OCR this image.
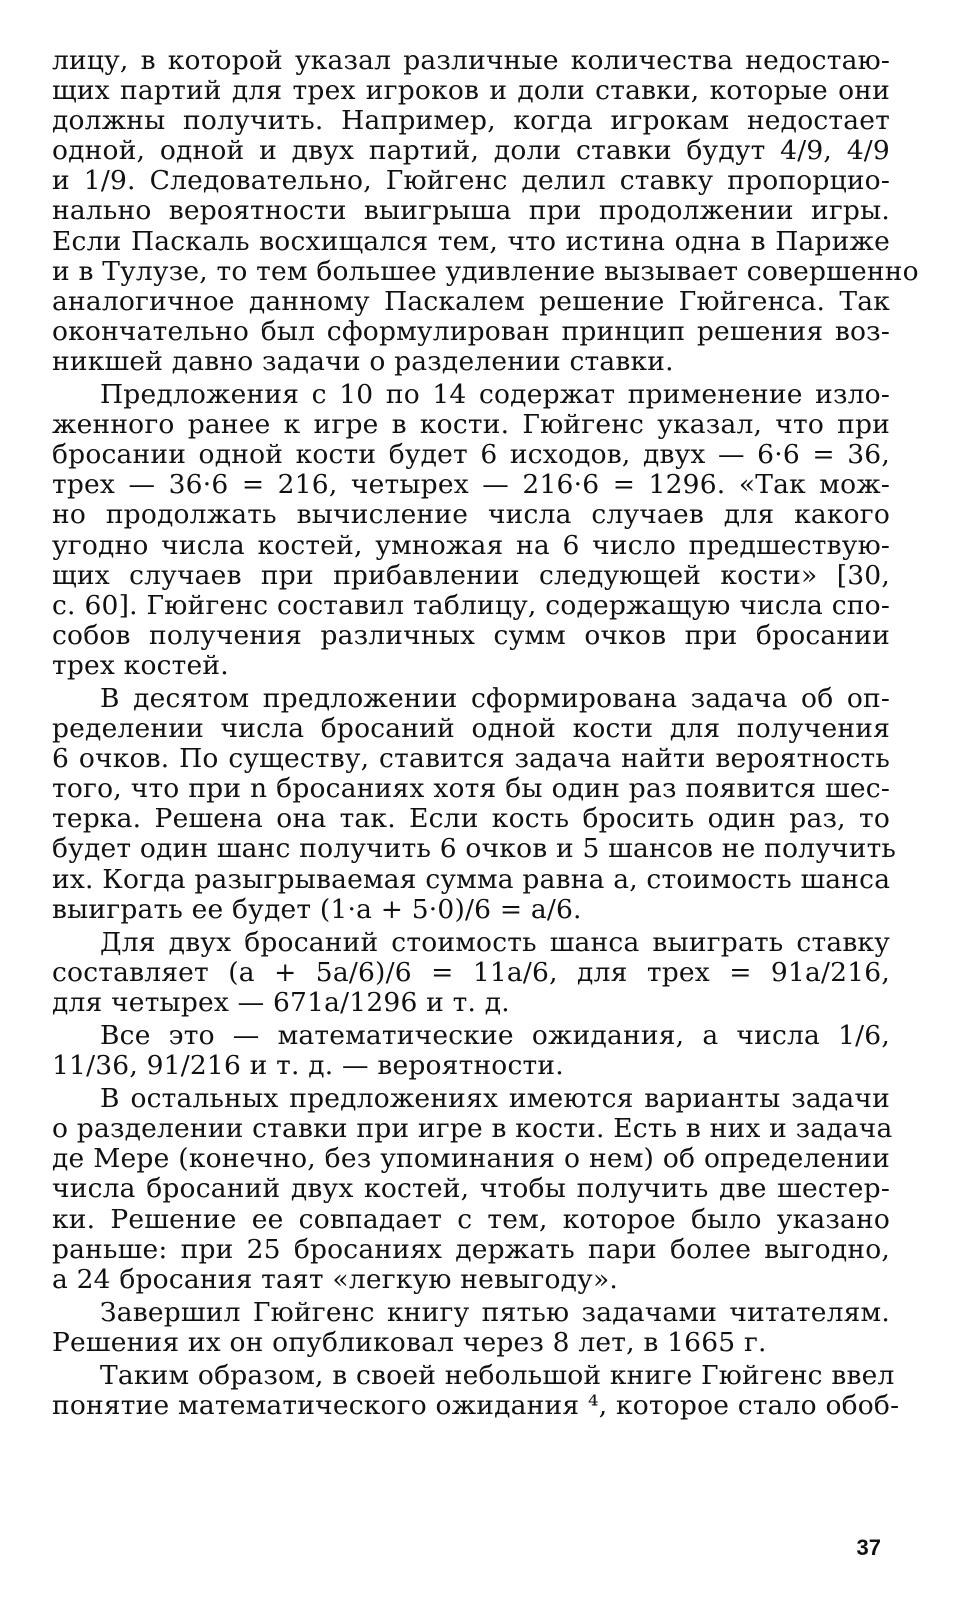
лицу, в которой указал различные количества недостаю-
щих партий для трех игроков и доли ставки, которые они
должны получить. Например, когда игрокам недостает
одной, одной и двух партий, доли ставки будут 4/9, 4/9
и 1/9. Следовательно, Гюйгенс делил ставку пропорцио-
нально вероятности выигрыша при продолжении игры.
Если Паскаль восхищался тем, что истина одна в Париже
и в Тулузе, то тем большее удивление вызывает совершенно
аналогичное данному Паскалем решение Гюйгенса. Так
окончательно был сформулирован принцип решения воз-
никшей давно задачи о разделении ставки.
Предложения с 10 по 14 содержат применение изло-
женного ранее к игре в кости. Гюйгенс указал, что при
бросании одной кости будет 6 исходов, двух — 6·6 = 36,
трех — 36·6 = 216, четырех — 216·6 = 1296. «Так мож-
но продолжать вычисление числа случаев для какого
угодно числа костей, умножая на 6 число предшествую-
щих случаев при прибавлении следующей кости» [30,
с. 60]. Гюйгенс составил таблицу, содержащую числа спо-
собов получения различных сумм очков при бросании
трех костей.
В десятом предложении сформирована задача об оп-
ределении числа бросаний одной кости для получения
6 очков. По существу, ставится задача найти вероятность
того, что при n бросаниях хотя бы один раз появится шес-
терка. Решена она так. Если кость бросить один раз, то
будет один шанс получить 6 очков и 5 шансов не получить
их. Когда разыгрываемая сумма равна a, стоимость шанса
выиграть ее будет (1·a + 5·0)/6 = a/6.
Для двух бросаний стоимость шанса выиграть ставку
составляет (a + 5a/6)/6 = 11a/6, для трех = 91a/216,
для четырех — 671a/1296 и т. д.
Все это — математические ожидания, а числа 1/6,
11/36, 91/216 и т. д. — вероятности.
В остальных предложениях имеются варианты задачи
о разделении ставки при игре в кости. Есть в них и задача
де Мере (конечно, без упоминания о нем) об определении
числа бросаний двух костей, чтобы получить две шестер-
ки. Решение ее совпадает с тем, которое было указано
раньше: при 25 бросаниях держать пари более выгодно,
а 24 бросания таят «легкую невыгоду».
Завершил Гюйгенс книгу пятью задачами читателям.
Решения их он опубликовал через 8 лет, в 1665 г.
Таким образом, в своей небольшой книге Гюйгенс ввел
понятие математического ожидания ⁴, которое стало обоб-
37
